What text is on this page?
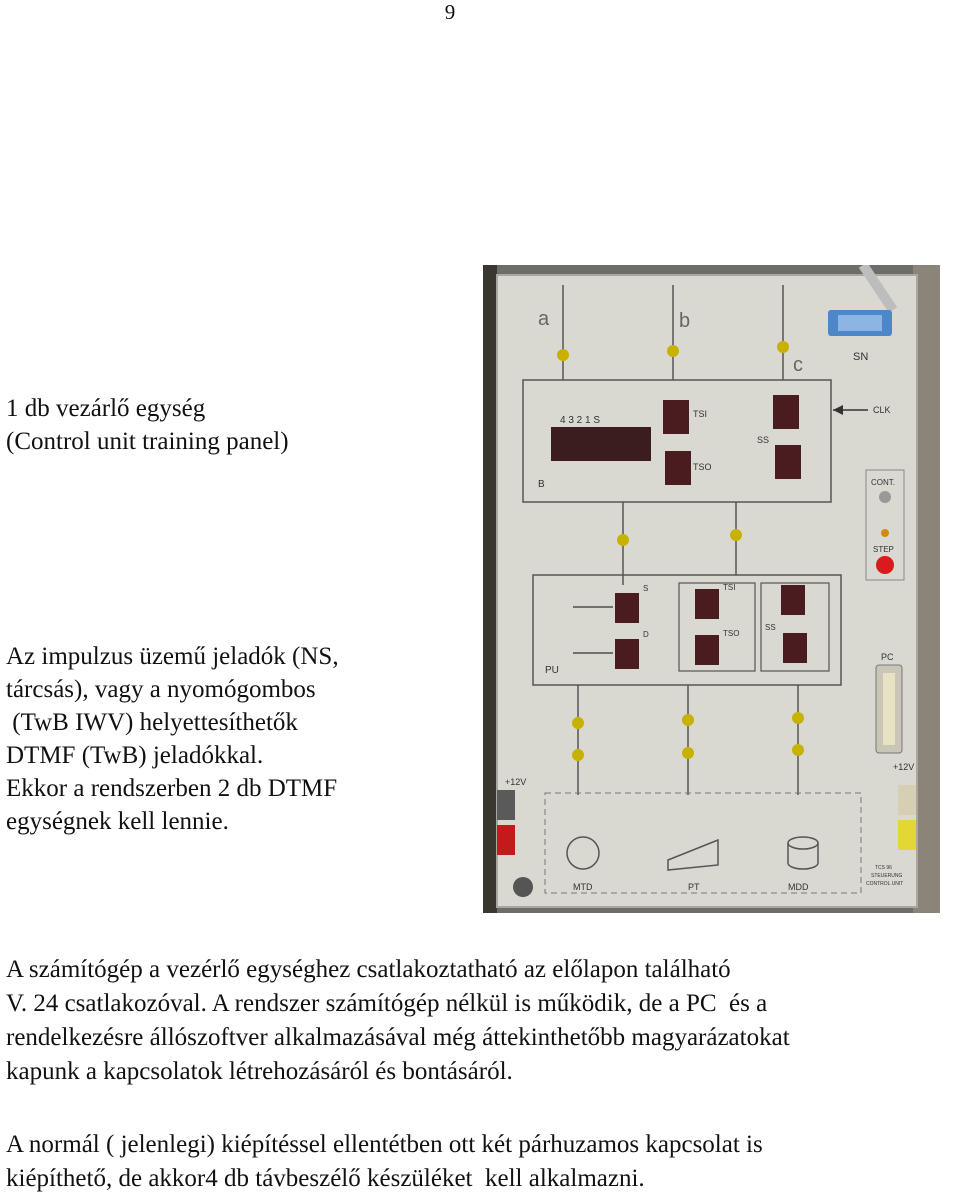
9
1 db vezárlő egység
(Control unit training panel)
Az impulzus üzemű jeladók (NS,
tárcsás), vagy a nyomógombos
(TwB IWV) helyettesíthetők
DTMF (TwB) jeladókkal.
Ekkor a rendszerben 2 db DTMF
egységnek kell lennie.
SN
a	b
c
4 3 2 1 S
TSI
TSO
SS
B
CLK
CONT.
STEP
S
D
TSI
TSO
SS
PU
PC
MTD	PT	MDD
TCS 96
STEUERUNG
CONTROL UNIT
+12V
+12V
A számítógép a vezérlő egységhez csatlakoztatható az előlapon található
V. 24 csatlakozóval. A rendszer számítógép nélkül is működik, de a PC  és a
rendelkezésre állószoftver alkalmazásával még áttekinthetőbb magyarázatokat
kapunk a kapcsolatok létrehozásáról és bontásáról.
A normál ( jelenlegi) kiépítéssel ellentétben ott két párhuzamos kapcsolat is
kiépíthető, de akkor4 db távbeszélő készüléket  kell alkalmazni.
